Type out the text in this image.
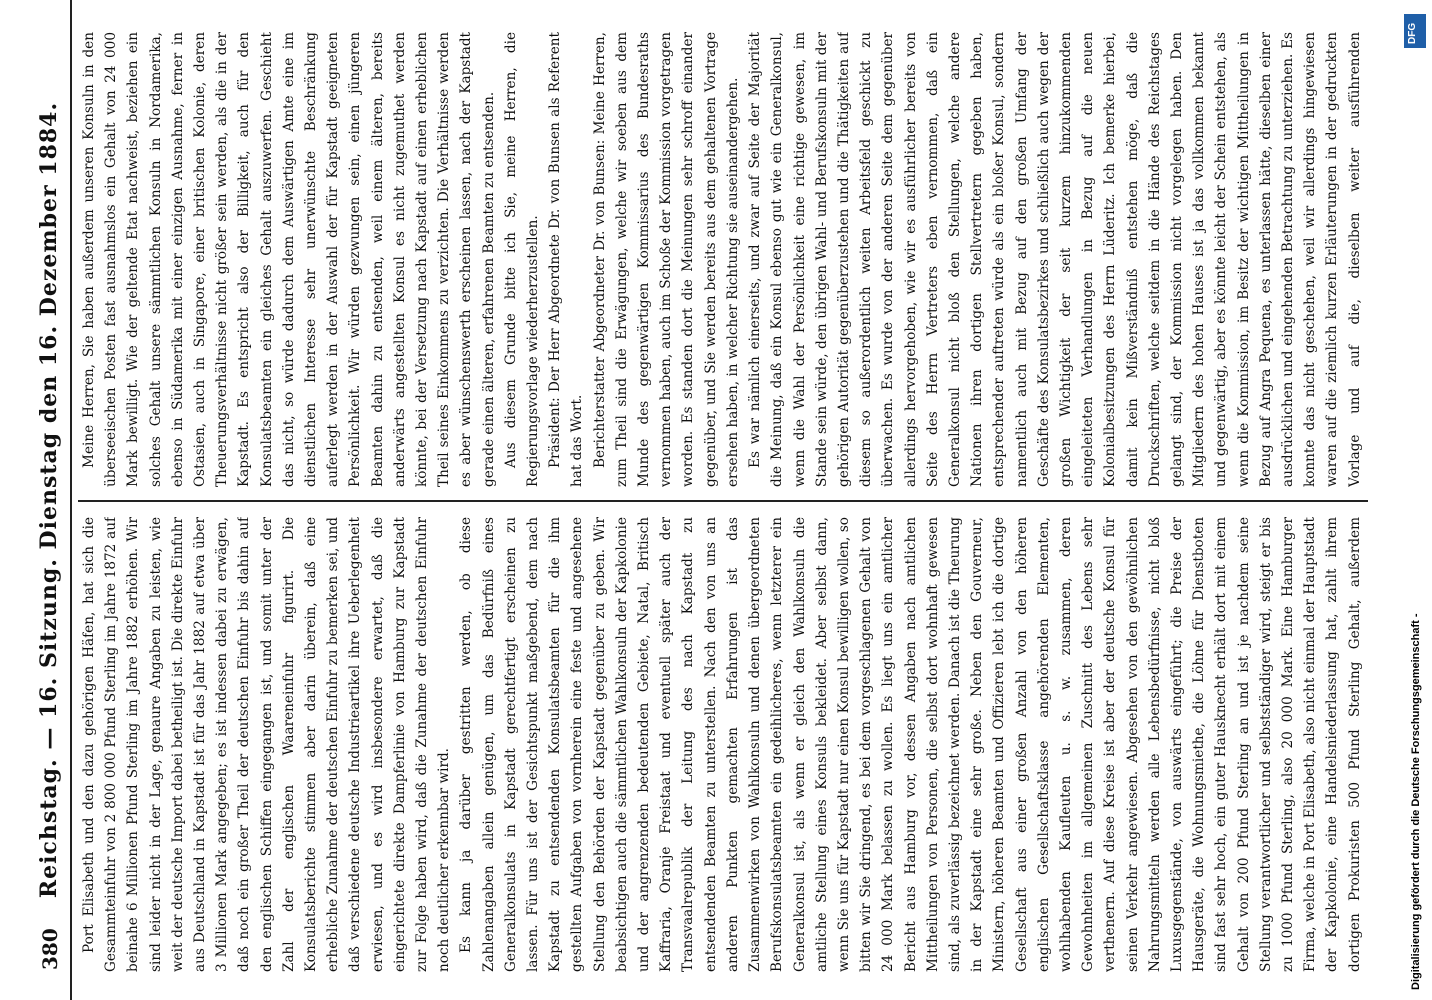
380
Reichstag. — 16. Sitzung. Dienstag den 16. Dezember 1884. Port Elisabeth und den dazu gehörigen Häfen, hat sich die Gesammteinfuhr von 2 800 000 Pfund Sterling im Jahre 1872 auf beinahe 6 Millionen Pfund Sterling im Jahre 1882 erhöhen. Wir sind leider nicht in der Lage, genaure Angaben zu leisten, wie weit der deutsche Import dabei betheiligt ist. Die direkte Einfuhr aus Deutschland in Kapstadt ist für das Jahr 1882 auf etwa über 3 Millionen Mark angegeben; es ist indessen dabei zu erwägen, daß noch ein großer Theil der deutschen Einfuhr bis dahin auf den englischen Schiffen eingegangen ist, und somit unter der Zahl der englischen Waareneinfuhr figurirt. Die Konsulatsberichte stimmen aber darin überein, daß eine erhebliche Zunahme der deutschen Einfuhr zu bemerken sei, und daß verschiedene deutsche Industrieartikel ihre Ueberlegenheit erwiesen, und es wird insbesondere erwartet, daß die eingerichtete direkte Dampferlinie von Hamburg zur Kapstadt zur Folge haben wird, daß die Zunahme der deutschen Einfuhr noch deutlicher erkennbar wird. Es kann ja darüber gestritten werden, ob diese Zahlenangaben allein genügen, um das Bedürfniß eines Generalkonsulats in Kapstadt gerechtfertigt erscheinen zu lassen. Für uns ist der Gesichtspunkt maßgebend, dem nach Kapstadt zu entsendenden Konsulatsbeamten für die ihm gestellten Aufgaben von vornherein eine feste und angesehene Stellung den Behörden der Kapstadt gegenüber zu geben. Wir beabsichtigen auch die sämmtlichen Wahlkonsuln der Kapkolonie und der angrenzenden bedeutenden Gebiete, Natal, Britisch Kaffraria, Oranje Freistaat und eventuell später auch der Transvaalrepublik der Leitung des nach Kapstadt zu entsendenden Beamten zu unterstellen. Nach den von uns an anderen Punkten gemachten Erfahrungen ist das Zusammenwirken von Wahlkonsuln und denen übergeordneten Berufskonsulatsbeamten ein gedeihlicheres, wenn letzterer ein Generalkonsul ist, als wenn er gleich den Wahlkonsuln die amtliche Stellung eines Konsuls bekleidet. Aber selbst dann, wenn Sie uns für Kapstadt nur einen Konsul bewilligen wollen, so bitten wir Sie dringend, es bei dem vorgeschlagenen Gehalt von 24 000 Mark belassen zu wollen. Es liegt uns ein amtlicher Bericht aus Hamburg vor, dessen Angaben nach amtlichen Mittheilungen von Personen, die selbst dort wohnhaft gewesen sind, als zuverlässig bezeichnet werden. Danach ist die Theurung in der Kapstadt eine sehr große. Neben den Gouverneur, Ministern, höheren Beamten und Offizieren lebt ich die dortige Gesellschaft aus einer großen Anzahl von den höheren englischen Gesellschaftsklasse angehörenden Elementen, wohlhabenden Kaufleuten u. s. w. zusammen, deren Gewohnheiten im allgemeinen Zuschnitt des Lebens sehr verthenern. Auf diese Kreise ist aber der deutsche Konsul für seinen Verkehr angewiesen. Abgesehen von den gewöhnlichen Nahrungsmitteln werden alle Lebensbedürfnisse, nicht bloß Luxusgegenstände, von auswärts eingeführt; die Preise der Hausgeräte, die Wohnungsmiethe, die Löhne für Dienstboten sind fast sehr hoch, ein guter Hausknecht erhält dort mit einem Gehalt von 200 Pfund Sterling an und ist je nachdem seine Stellung verantwortlicher und selbstständiger wird, steigt er bis zu 1000 Pfund Sterling, also 20 000 Mark. Eine Hamburger Firma, welche in Port Elisabeth, also nicht einmal der Hauptstadt der Kapkolonie, eine Handelsniederlassung hat, zahlt ihrem dortigen Prokuristen 500 Pfund Sterling Gehalt, außerdem

Meine Herren, Sie haben außerdem unseren Konsuln in den überseeischen Posten fast ausnahmslos ein Gehalt von 24 000 Mark bewilligt. Wie der geltende Etat nachweist, beziehen ein solches Gehalt unsere sämmtlichen Konsuln in Nordamerika, ebenso in Südamerika mit einer einzigen Ausnahme, ferner in Ostasien, auch in Singapore, einer britischen Kolonie, deren Theuerungsverhältnisse nicht größer sein werden, als die in der Kapstadt. Es entspricht also der Billigkeit, auch für den Konsulatsbeamten ein gleiches Gehalt auszuwerfen. Geschieht das nicht, so würde dadurch dem Auswärtigen Amte eine im dienstlichen Interesse sehr unerwünschte Beschränkung auferlegt werden in der Auswahl der für Kapstadt geeigneten Persönlichkeit. Wir würden gezwungen sein, einen jüngeren Beamten dahin zu entsenden, weil einem älteren, bereits anderwärts angestellten Konsul es nicht zugemuthet werden könnte, bei der Versetzung nach Kapstadt auf einen erheblichen Theil seines Einkommens zu verzichten. Die Verhältnisse werden es aber wünschenswerth erscheinen lassen, nach der Kapstadt gerade einen älteren, erfahrenen Beamten zu entsenden. Aus diesem Grunde bitte ich Sie, meine Herren, die Regierungsvorlage wiederherzustellen. Präsident: Der Herr Abgeordnete Dr. von Bunsen als Referent hat das Wort. Berichterstatter Abgeordneter Dr. von Bunsen: Meine Herren, zum Theil sind die Erwägungen, welche wir soeben aus dem Munde des gegenwärtigen Kommissarius des Bundesraths vernommen haben, auch im Schoße der Kommission vorgetragen worden. Es standen dort die Meinungen sehr schroff einander gegenüber, und Sie werden bereits aus dem gehaltenen Vortrage ersehen haben, in welcher Richtung sie auseinandergehen. Es war nämlich einerseits, und zwar auf Seite der Majorität die Meinung, daß ein Konsul ebenso gut wie ein Generalkonsul, wenn die Wahl der Persönlichkeit eine richtige gewesen, im Stande sein würde, den übrigen Wahl- und Berufskonsuln mit der gehörigen Autorität gegenüberzustehen und die Thätigkeiten auf diesem so außerordentlich weiten Arbeitsfeld geschickt zu überwachen. Es wurde von der anderen Seite dem gegenüber allerdings hervorgehoben, wie wir es ausführlicher bereits von Seite des Herrn Vertreters eben vernommen, daß ein Generalkonsul nicht bloß den Stellungen, welche andere Nationen ihren dortigen Stellvertretern gegeben haben, entsprechender auftreten würde als ein bloßer Konsul, sondern namentlich auch mit Bezug auf den großen Umfang der Geschäfte des Konsulatsbezirkes und schließlich auch wegen der großen Wichtigkeit der seit kurzem hinzukommenden eingeleiteten Verhandlungen in Bezug auf die neuen Kolonialbesitzungen des Herrn Lüderitz. Ich bemerke hierbei, damit kein Mißverständniß entstehen möge, daß die Druckschriften, welche seitdem in die Hände des Reichstages gelangt sind, der Kommission nicht vorgelegen haben. Den Mitgliedern des hohen Hauses ist ja das vollkommen bekannt und gegenwärtig, aber es könnte leicht der Schein entstehen, als wenn die Kommission, im Besitz der wichtigen Mittheilungen in Bezug auf Angra Pequena, es unterlassen hätte, dieselben einer ausdrücklichen und eingehenden Betrachtung zu unterziehen. Es konnte das nicht geschehen, weil wir allerdings hingewiesen waren auf die ziemlich kurzen Erläuterungen in der gedruckten Vorlage und auf die, dieselben weiter ausführenden

Digitalisierung gefördert durch die Deutsche Forschungsgemeinschaft -
DFG
